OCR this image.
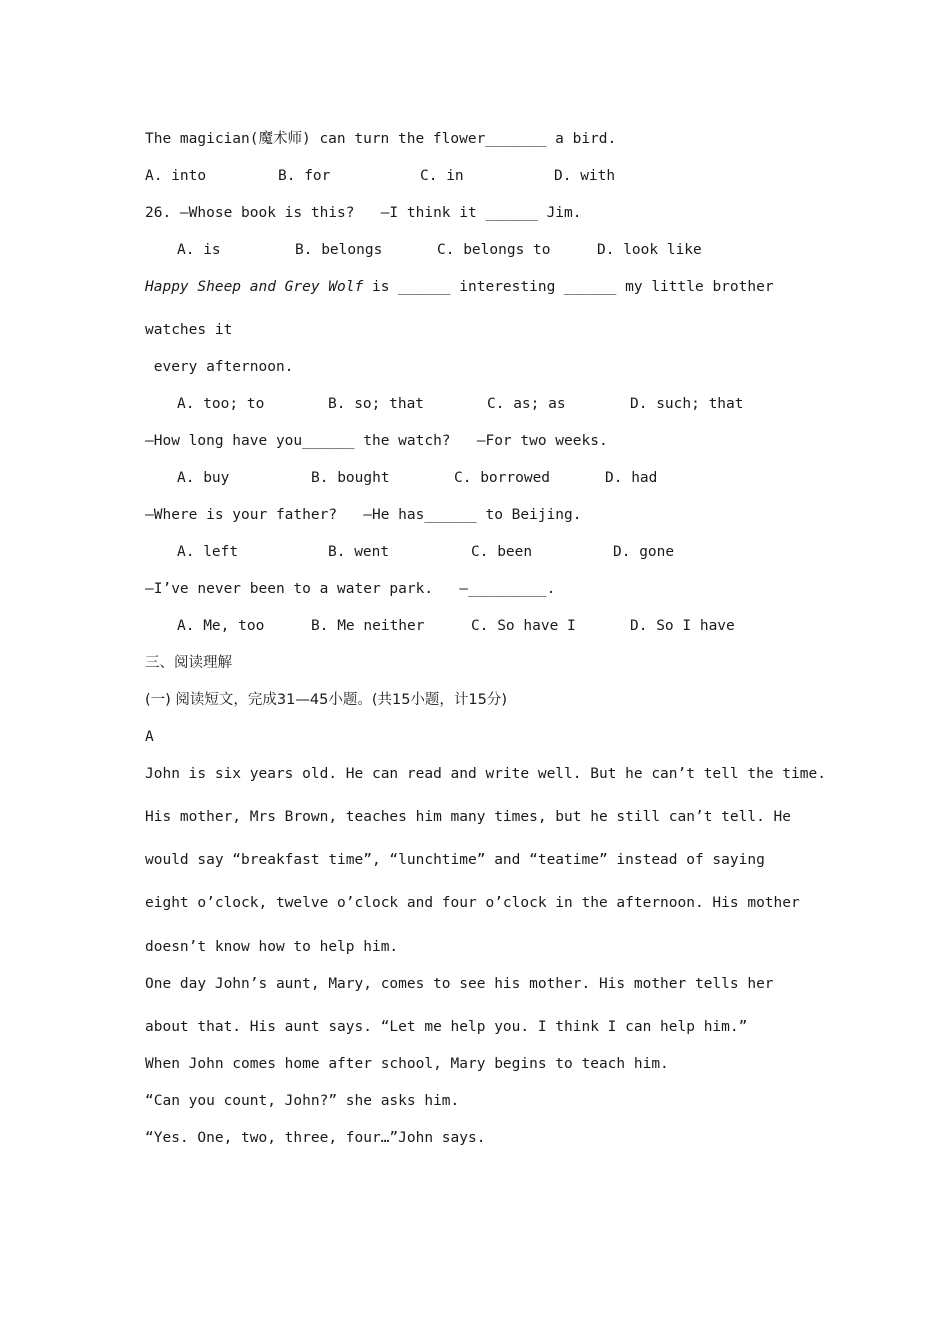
The magician(魔术师) can turn the flower_______ a bird.
A. into	B. for	C. in	D. with
26. —Whose book is this?   —I think it ______ Jim.
A. is	B. belongs	C. belongs to	D. look like
Happy Sheep and Grey Wolf is ______ interesting ______ my little brother
watches it
every afternoon.
A. too; to	B. so; that	C. as; as	D. such; that
—How long have you______ the watch?   —For two weeks.
A. buy	B. bought	C. borrowed	D. had
—Where is your father?   —He has______ to Beijing.
A. left	B. went	C. been	D. gone
—I’ve never been to a water park.   —_________.
A. Me, too	B. Me neither	C. So have I	D. So I have
三、阅读理解
(一) 阅读短文，完成31—45小题。(共15小题，计15分)
A
John is six years old. He can read and write well. But he can’t tell the time.
His mother, Mrs Brown, teaches him many times, but he still can’t tell. He
would say “breakfast time”, “lunchtime” and “teatime” instead of saying
eight o’clock, twelve o’clock and four o’clock in the afternoon. His mother
doesn’t know how to help him.
One day John’s aunt, Mary, comes to see his mother. His mother tells her
about that. His aunt says. “Let me help you. I think I can help him.”
When John comes home after school, Mary begins to teach him.
“Can you count, John?” she asks him.
“Yes. One, two, three, four…”John says.
